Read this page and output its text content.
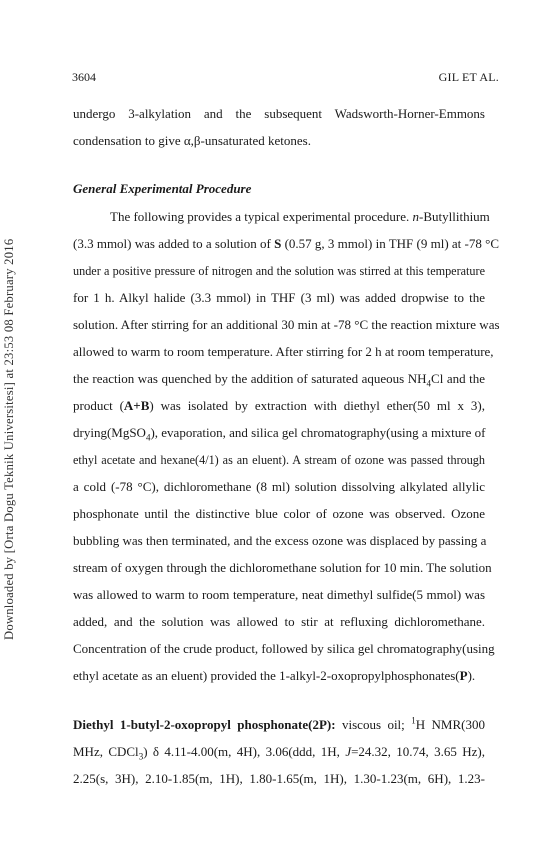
Downloaded by [Orta Dogu Teknik Universitesi] at 23:53 08 February 2016
3604	GIL ET AL.
undergo 3-alkylation and the subsequent Wadsworth-Horner-Emmons
condensation to give α,β-unsaturated ketones.
General Experimental Procedure
The following provides a typical experimental procedure. n-Butyllithium
(3.3 mmol) was added to a solution of S (0.57 g, 3 mmol) in THF (9 ml) at -78 °C
under a positive pressure of nitrogen and the solution was stirred at this temperature
for 1 h. Alkyl halide (3.3 mmol) in THF (3 ml) was added dropwise to the
solution. After stirring for an additional 30 min at -78 °C the reaction mixture was
allowed to warm to room temperature. After stirring for 2 h at room temperature,
the reaction was quenched by the addition of saturated aqueous $NH_4Cl$ and the
product (A+B) was isolated by extraction with diethyl ether(50 ml x 3),
drying(MgSO$_4$), evaporation, and silica gel chromatography(using a mixture of
ethyl acetate and hexane(4/1) as an eluent). A stream of ozone was passed through
a cold (-78 °C), dichloromethane (8 ml) solution dissolving alkylated allylic
phosphonate until the distinctive blue color of ozone was observed. Ozone
bubbling was then terminated, and the excess ozone was displaced by passing a
stream of oxygen through the dichloromethane solution for 10 min. The solution
was allowed to warm to room temperature, neat dimethyl sulfide(5 mmol) was
added, and the solution was allowed to stir at refluxing dichloromethane.
Concentration of the crude product, followed by silica gel chromatography(using
ethyl acetate as an eluent) provided the 1-alkyl-2-oxopropylphosphonates(P).
Diethyl 1-butyl-2-oxopropyl phosphonate(2P): viscous oil; $^1$H NMR(300
MHz, CDCl$_3$) δ 4.11-4.00(m, 4H), 3.06(ddd, 1H, J=24.32, 10.74, 3.65 Hz),
2.25(s, 3H), 2.10-1.85(m, 1H), 1.80-1.65(m, 1H), 1.30-1.23(m, 6H), 1.23-
